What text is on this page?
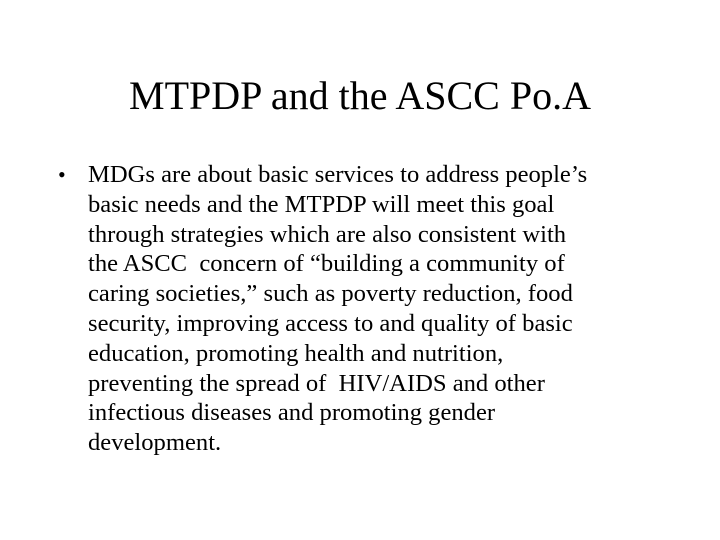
MTPDP and the ASCC Po.A
• MDGs are about basic services to address people’s
basic needs and the MTPDP will meet this goal
through strategies which are also consistent with
the ASCC  concern of “building a community of
caring societies,” such as poverty reduction, food
security, improving access to and quality of basic
education, promoting health and nutrition,
preventing the spread of  HIV/AIDS and other
infectious diseases and promoting gender
development.
